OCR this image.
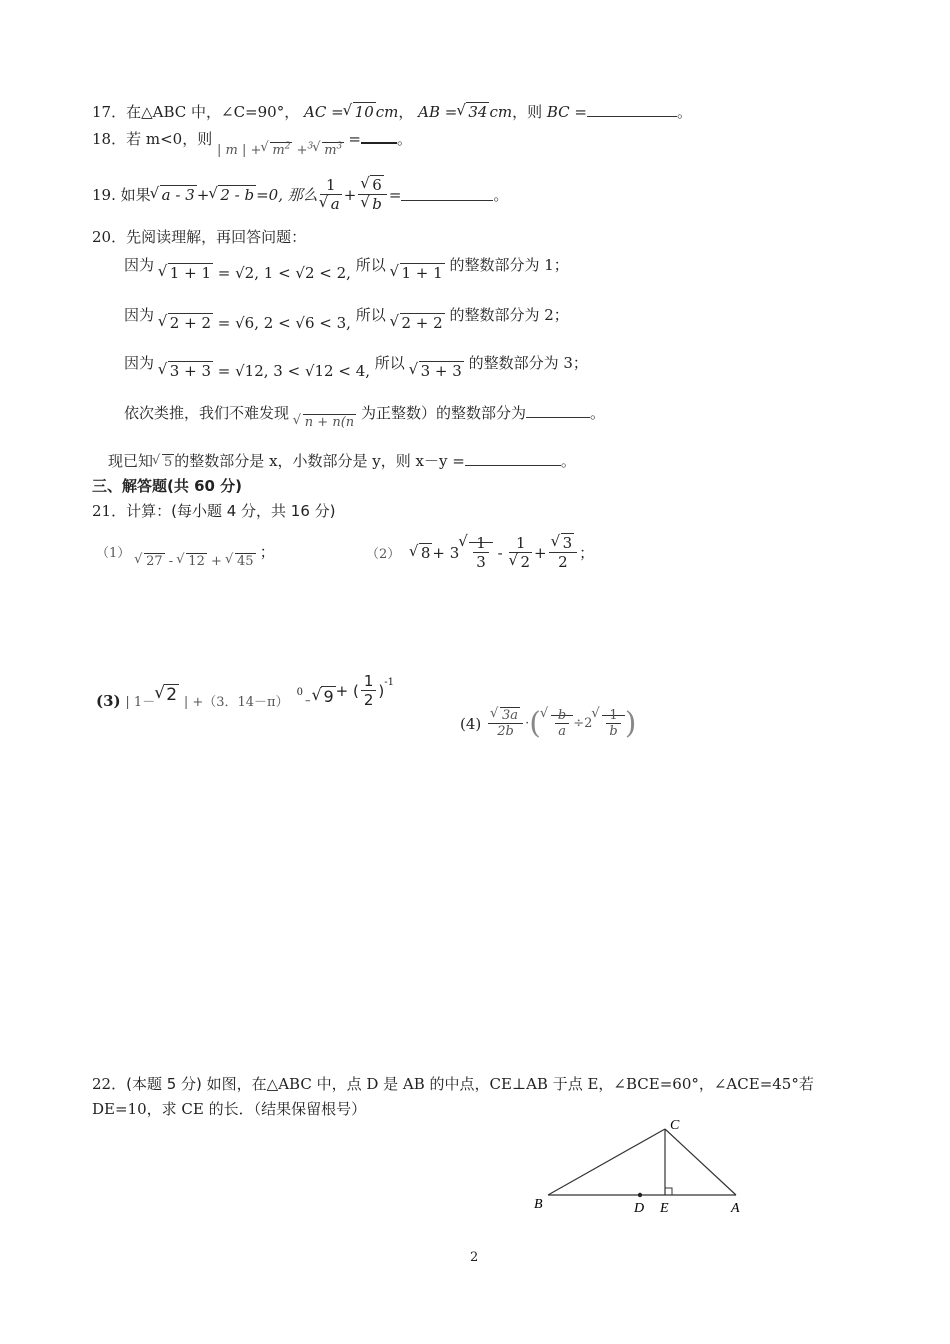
17．在△ABC 中，∠C=90°， AC =√ 10 cm， AB =√ 34 cm，则 BC =	。
18．若 m<0，则 | m | +√ $m^2 +^3√$ $m^3$ = 。
19.
如果
√ a - 3 +
√ 2 - b =0, 那么 1
√ a +
√ 6
√ b =	。
20．先阅读理解，再回答问题：
因为 √ 1 + 1 = √2, 1 < √2 < 2, 所以 √ 1 + 1 的整数部分为 1；
因为 √ 2 + 2 = √6, 2 < √6 < 3, 所以 √ 2 + 2 的整数部分为 2；
因为 √ 3 + 3 = √12, 3 < √12 < 4, 所以 √ 3 + 3 的整数部分为 3；
依次类推，我们不难发现 √ n + n(n 为正整数）的整数部分为	。
现已知√ 5 的整数部分是 x，小数部分是 y，则 x－y =	。
三、解答题(共 60 分)
21．计算：(每小题 4 分，共 16 分)
（1） √ 27 - √ 12 + √ 45 ；	（2）

√	8 + 3
√ $\frac{1}{3}$
-
1
√ 2 +
√ $\frac{3}{2}$ ；
(3)
| 1－
√ 2
| +（3．14－π）
0
–
√ 9 + ( $\frac{1}{2}$ ) -1
(4)

√ $\frac{3a}{2b}$ · (
√ $\frac{b}{a} \div 2$
√ $\frac{1}{b}$ )
22．(本题 5 分) 如图，在△ABC 中，点 D 是 AB 的中点，CE⊥AB 于点 E，∠BCE=60°，∠ACE=45°若
DE=10，求 CE 的长．（结果保留根号）
C
B	D E	A
2
